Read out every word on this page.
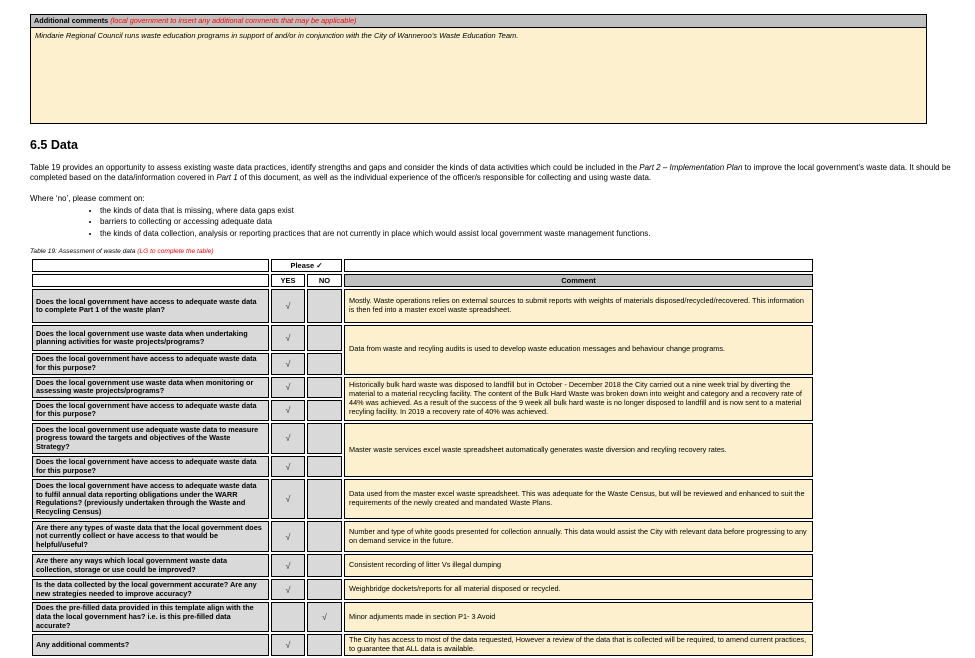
Additional comments (local government to insert any additional comments that may be applicable)
Mindarie Regional Council runs waste education programs in support of and/or in conjunction with the City of Wanneroo’s Waste Education Team.
6.5 Data
Table 19 provides an opportunity to assess existing waste data practices, identify strengths and gaps and consider the kinds of data activities which could be included in the Part 2 – Implementation Plan to improve the local government's waste data. It should be completed based on the data/information covered in Part 1 of this document, as well as the individual experience of the officer/s responsible for collecting and using waste data.
Where ‘no’, please comment on:
• the kinds of data that is missing, where data gaps exist
• barriers to collecting or accessing adequate data
• the kinds of data collection, analysis or reporting practices that are not currently in place which would assist local government waste management functions.
Table 19: Assessment of waste data (LG to complete the table)
	Please ✓		
	YES	NO	Comment
Does the local government have access to adequate waste data to complete Part 1 of the waste plan?	√		Mostly. Waste operations relies on external sources to submit reports with weights of materials disposed/recycled/recovered. This information is then fed into a master excel waste spreadsheet.
Does the local government use waste data when undertaking planning activities for waste projects/programs?	√		Data from waste and recyling audits is used to develop waste education messages and behaviour change programs.
Does the local government have access to adequate waste data for this purpose?	√		
Does the local government use waste data when monitoring or assessing waste projects/programs?	√		Historically bulk hard waste was disposed to landfill but in October - December 2018 the City carried out a nine week trial by diverting the material to a material recycling facility. The content of the Bulk Hard Waste was broken down into weight and category and a recovery rate of 44% was achieved. As a result of the success of the 9 week all bulk hard waste is no longer disposed to landfill and is now sent to a material recyling facility. In 2019 a recovery rate of 40% was achieved.
Does the local government have access to adequate waste data for this purpose?	√		
Does the local government use adequate waste data to measure progress toward the targets and objectives of the Waste Strategy?	√		Master waste services excel waste spreadsheet automatically generates waste diversion and recyling recovery rates.
Does the local government have access to adequate waste data for this purpose?	√		
Does the local government have access to adequate waste data to fulfil annual data reporting obligations under the WARR Regulations? (previously undertaken through the Waste and Recycling Census)	√		Data used from the master excel waste spreadsheet. This was adequate for the Waste Census, but will be reviewed and enhanced to suit the requirements of the newly created and mandated Waste Plans.
Are there any types of waste data that the local government does not currently collect or have access to that would be helpful/useful?	√		Number and type of white goods presented for collection annually. This data would assist the City with relevant data before progressing to any on demand service in the future.
Are there any ways which local government waste data collection, storage or use could be improved?	√		Consistent recording of litter Vs illegal dumping
Is the data collected by the local government accurate? Are any new strategies needed to improve accuracy?	√		Weighbridge dockets/reports for all material disposed or recycled.
Does the pre-filled data provided in this template align with the data the local government has? i.e. is this pre-filled data accurate?		√	Minor adjuments made in section P1- 3 Avoid
Any additional comments?	√		The City has access to most of the data requested, However a review of the data that is collected will be required, to amend current practices, to guarantee that ALL data is available.
